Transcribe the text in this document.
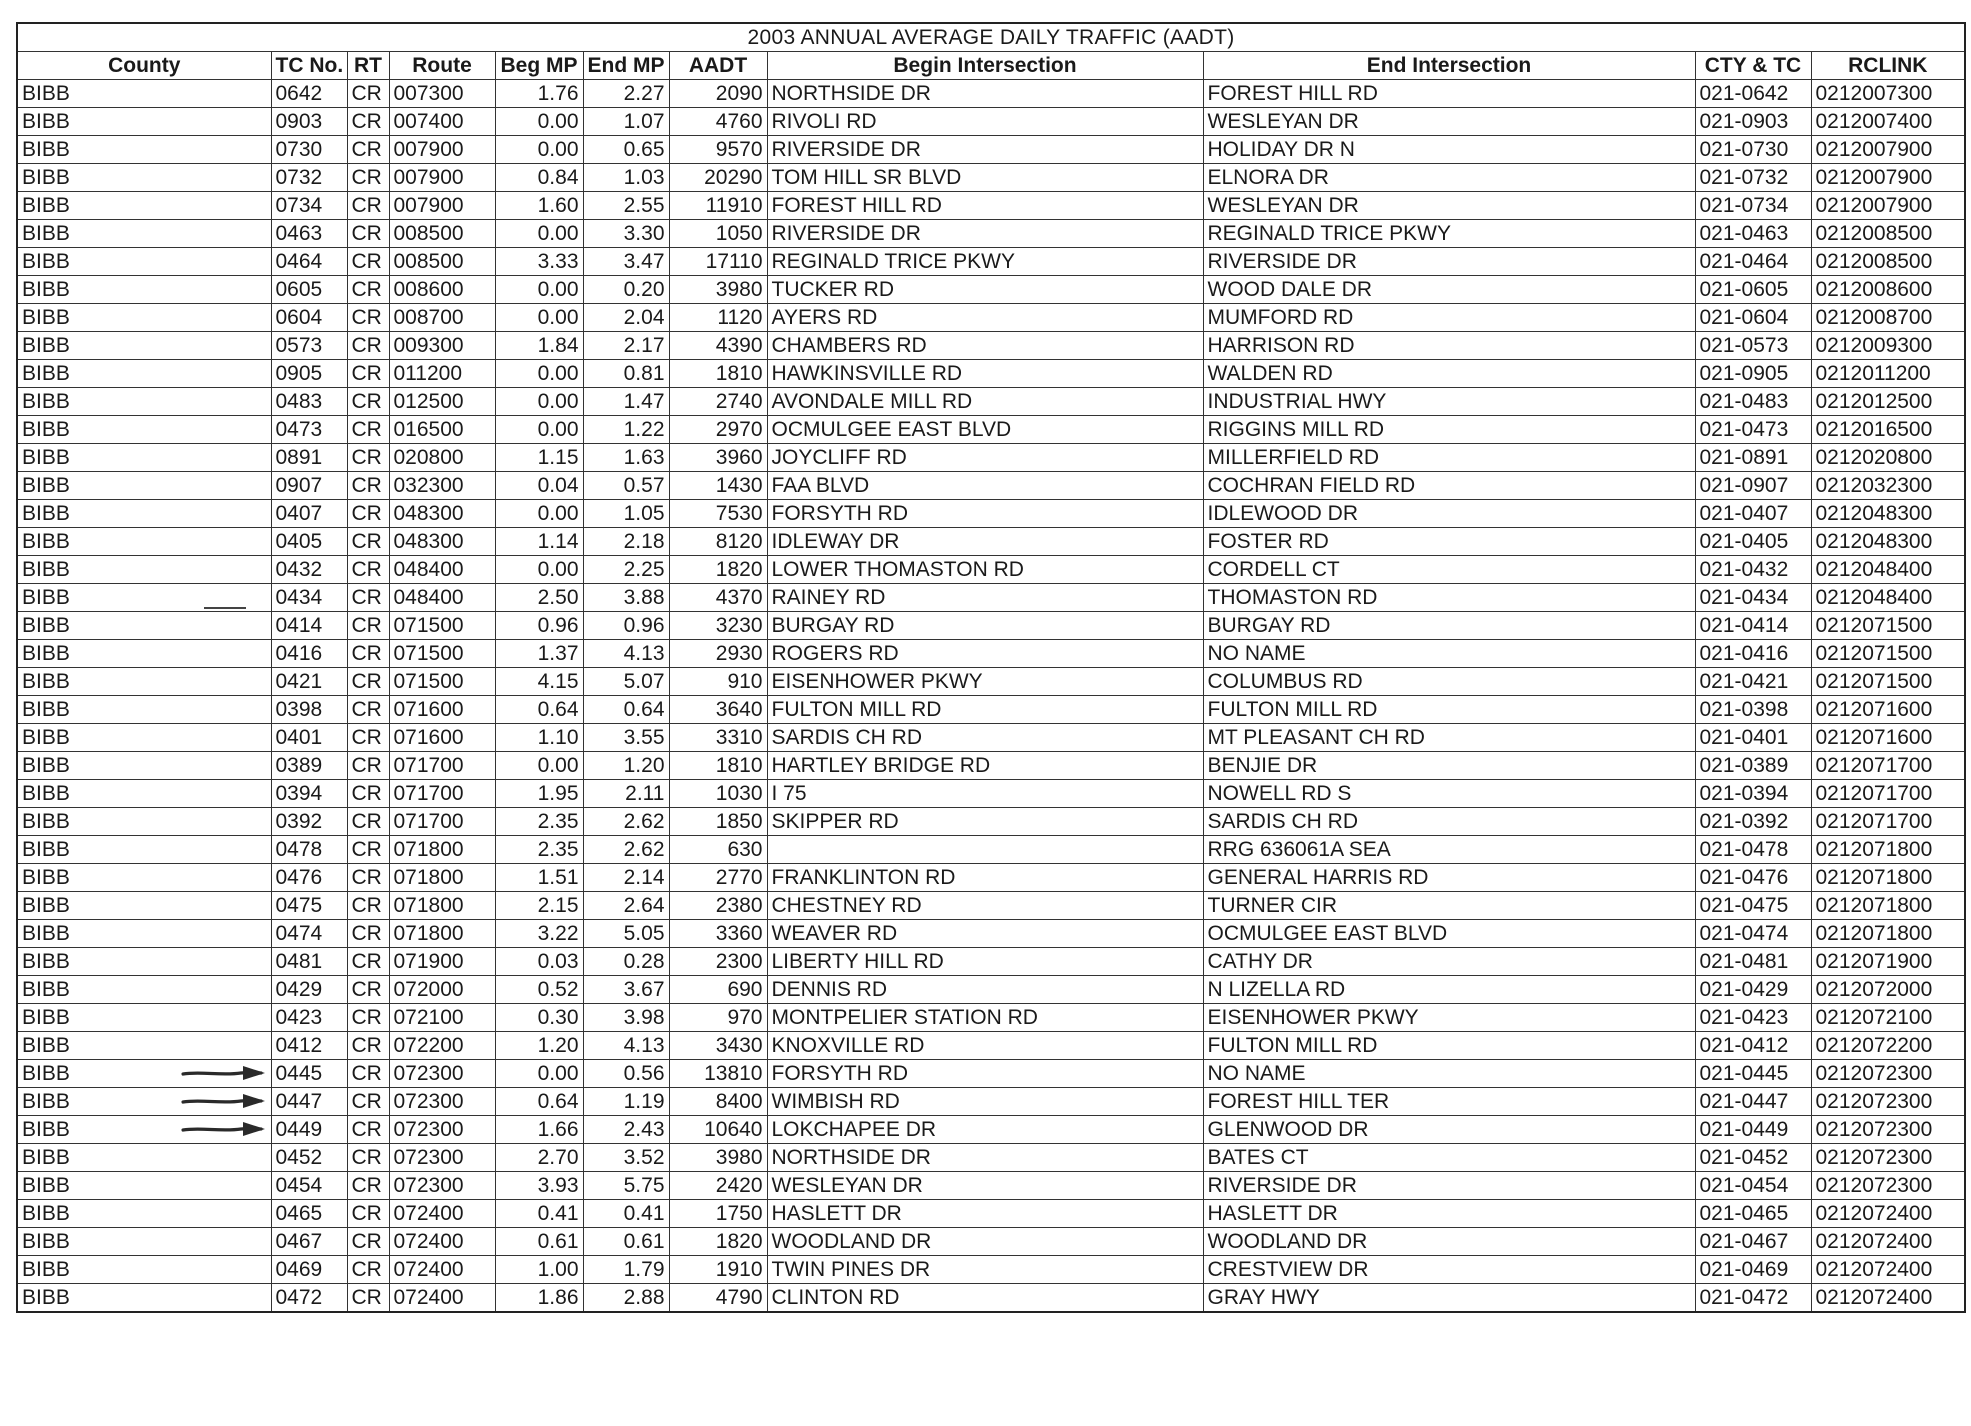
2003 ANNUAL AVERAGE DAILY TRAFFIC (AADT)										
County	TC No.	RT	Route	Beg MP	End MP	AADT	Begin Intersection	End Intersection	CTY & TC	RCLINK
BIBB	0642	CR	007300	1.76	2.27	2090	NORTHSIDE DR	FOREST HILL RD	021-0642	0212007300
BIBB	0903	CR	007400	0.00	1.07	4760	RIVOLI RD	WESLEYAN DR	021-0903	0212007400
BIBB	0730	CR	007900	0.00	0.65	9570	RIVERSIDE DR	HOLIDAY DR N	021-0730	0212007900
BIBB	0732	CR	007900	0.84	1.03	20290	TOM HILL SR BLVD	ELNORA DR	021-0732	0212007900
BIBB	0734	CR	007900	1.60	2.55	11910	FOREST HILL RD	WESLEYAN DR	021-0734	0212007900
BIBB	0463	CR	008500	0.00	3.30	1050	RIVERSIDE DR	REGINALD TRICE PKWY	021-0463	0212008500
BIBB	0464	CR	008500	3.33	3.47	17110	REGINALD TRICE PKWY	RIVERSIDE DR	021-0464	0212008500
BIBB	0605	CR	008600	0.00	0.20	3980	TUCKER RD	WOOD DALE DR	021-0605	0212008600
BIBB	0604	CR	008700	0.00	2.04	1120	AYERS RD	MUMFORD RD	021-0604	0212008700
BIBB	0573	CR	009300	1.84	2.17	4390	CHAMBERS RD	HARRISON RD	021-0573	0212009300
BIBB	0905	CR	011200	0.00	0.81	1810	HAWKINSVILLE RD	WALDEN RD	021-0905	0212011200
BIBB	0483	CR	012500	0.00	1.47	2740	AVONDALE MILL RD	INDUSTRIAL HWY	021-0483	0212012500
BIBB	0473	CR	016500	0.00	1.22	2970	OCMULGEE EAST BLVD	RIGGINS MILL RD	021-0473	0212016500
BIBB	0891	CR	020800	1.15	1.63	3960	JOYCLIFF RD	MILLERFIELD RD	021-0891	0212020800
BIBB	0907	CR	032300	0.04	0.57	1430	FAA BLVD	COCHRAN FIELD RD	021-0907	0212032300
BIBB	0407	CR	048300	0.00	1.05	7530	FORSYTH RD	IDLEWOOD DR	021-0407	0212048300
BIBB	0405	CR	048300	1.14	2.18	8120	IDLEWAY DR	FOSTER RD	021-0405	0212048300
BIBB	0432	CR	048400	0.00	2.25	1820	LOWER THOMASTON RD	CORDELL CT	021-0432	0212048400
BIBB	0434	CR	048400	2.50	3.88	4370	RAINEY RD	THOMASTON RD	021-0434	0212048400
BIBB	0414	CR	071500	0.96	0.96	3230	BURGAY RD	BURGAY RD	021-0414	0212071500
BIBB	0416	CR	071500	1.37	4.13	2930	ROGERS RD	NO NAME	021-0416	0212071500
BIBB	0421	CR	071500	4.15	5.07	910	EISENHOWER PKWY	COLUMBUS RD	021-0421	0212071500
BIBB	0398	CR	071600	0.64	0.64	3640	FULTON MILL RD	FULTON MILL RD	021-0398	0212071600
BIBB	0401	CR	071600	1.10	3.55	3310	SARDIS CH RD	MT PLEASANT CH RD	021-0401	0212071600
BIBB	0389	CR	071700	0.00	1.20	1810	HARTLEY BRIDGE RD	BENJIE DR	021-0389	0212071700
BIBB	0394	CR	071700	1.95	2.11	1030	I 75	NOWELL RD S	021-0394	0212071700
BIBB	0392	CR	071700	2.35	2.62	1850	SKIPPER RD	SARDIS CH RD	021-0392	0212071700
BIBB	0478	CR	071800	2.35	2.62	630		RRG 636061A SEA	021-0478	0212071800
BIBB	0476	CR	071800	1.51	2.14	2770	FRANKLINTON RD	GENERAL HARRIS RD	021-0476	0212071800
BIBB	0475	CR	071800	2.15	2.64	2380	CHESTNEY RD	TURNER CIR	021-0475	0212071800
BIBB	0474	CR	071800	3.22	5.05	3360	WEAVER RD	OCMULGEE EAST BLVD	021-0474	0212071800
BIBB	0481	CR	071900	0.03	0.28	2300	LIBERTY HILL RD	CATHY DR	021-0481	0212071900
BIBB	0429	CR	072000	0.52	3.67	690	DENNIS RD	N LIZELLA RD	021-0429	0212072000
BIBB	0423	CR	072100	0.30	3.98	970	MONTPELIER STATION RD	EISENHOWER PKWY	021-0423	0212072100
BIBB	0412	CR	072200	1.20	4.13	3430	KNOXVILLE RD	FULTON MILL RD	021-0412	0212072200
BIBB	0445	CR	072300	0.00	0.56	13810	FORSYTH RD	NO NAME	021-0445	0212072300
BIBB	0447	CR	072300	0.64	1.19	8400	WIMBISH RD	FOREST HILL TER	021-0447	0212072300
BIBB	0449	CR	072300	1.66	2.43	10640	LOKCHAPEE DR	GLENWOOD DR	021-0449	0212072300
BIBB	0452	CR	072300	2.70	3.52	3980	NORTHSIDE DR	BATES CT	021-0452	0212072300
BIBB	0454	CR	072300	3.93	5.75	2420	WESLEYAN DR	RIVERSIDE DR	021-0454	0212072300
BIBB	0465	CR	072400	0.41	0.41	1750	HASLETT DR	HASLETT DR	021-0465	0212072400
BIBB	0467	CR	072400	0.61	0.61	1820	WOODLAND DR	WOODLAND DR	021-0467	0212072400
BIBB	0469	CR	072400	1.00	1.79	1910	TWIN PINES DR	CRESTVIEW DR	021-0469	0212072400
BIBB	0472	CR	072400	1.86	2.88	4790	CLINTON RD	GRAY HWY	021-0472	0212072400
